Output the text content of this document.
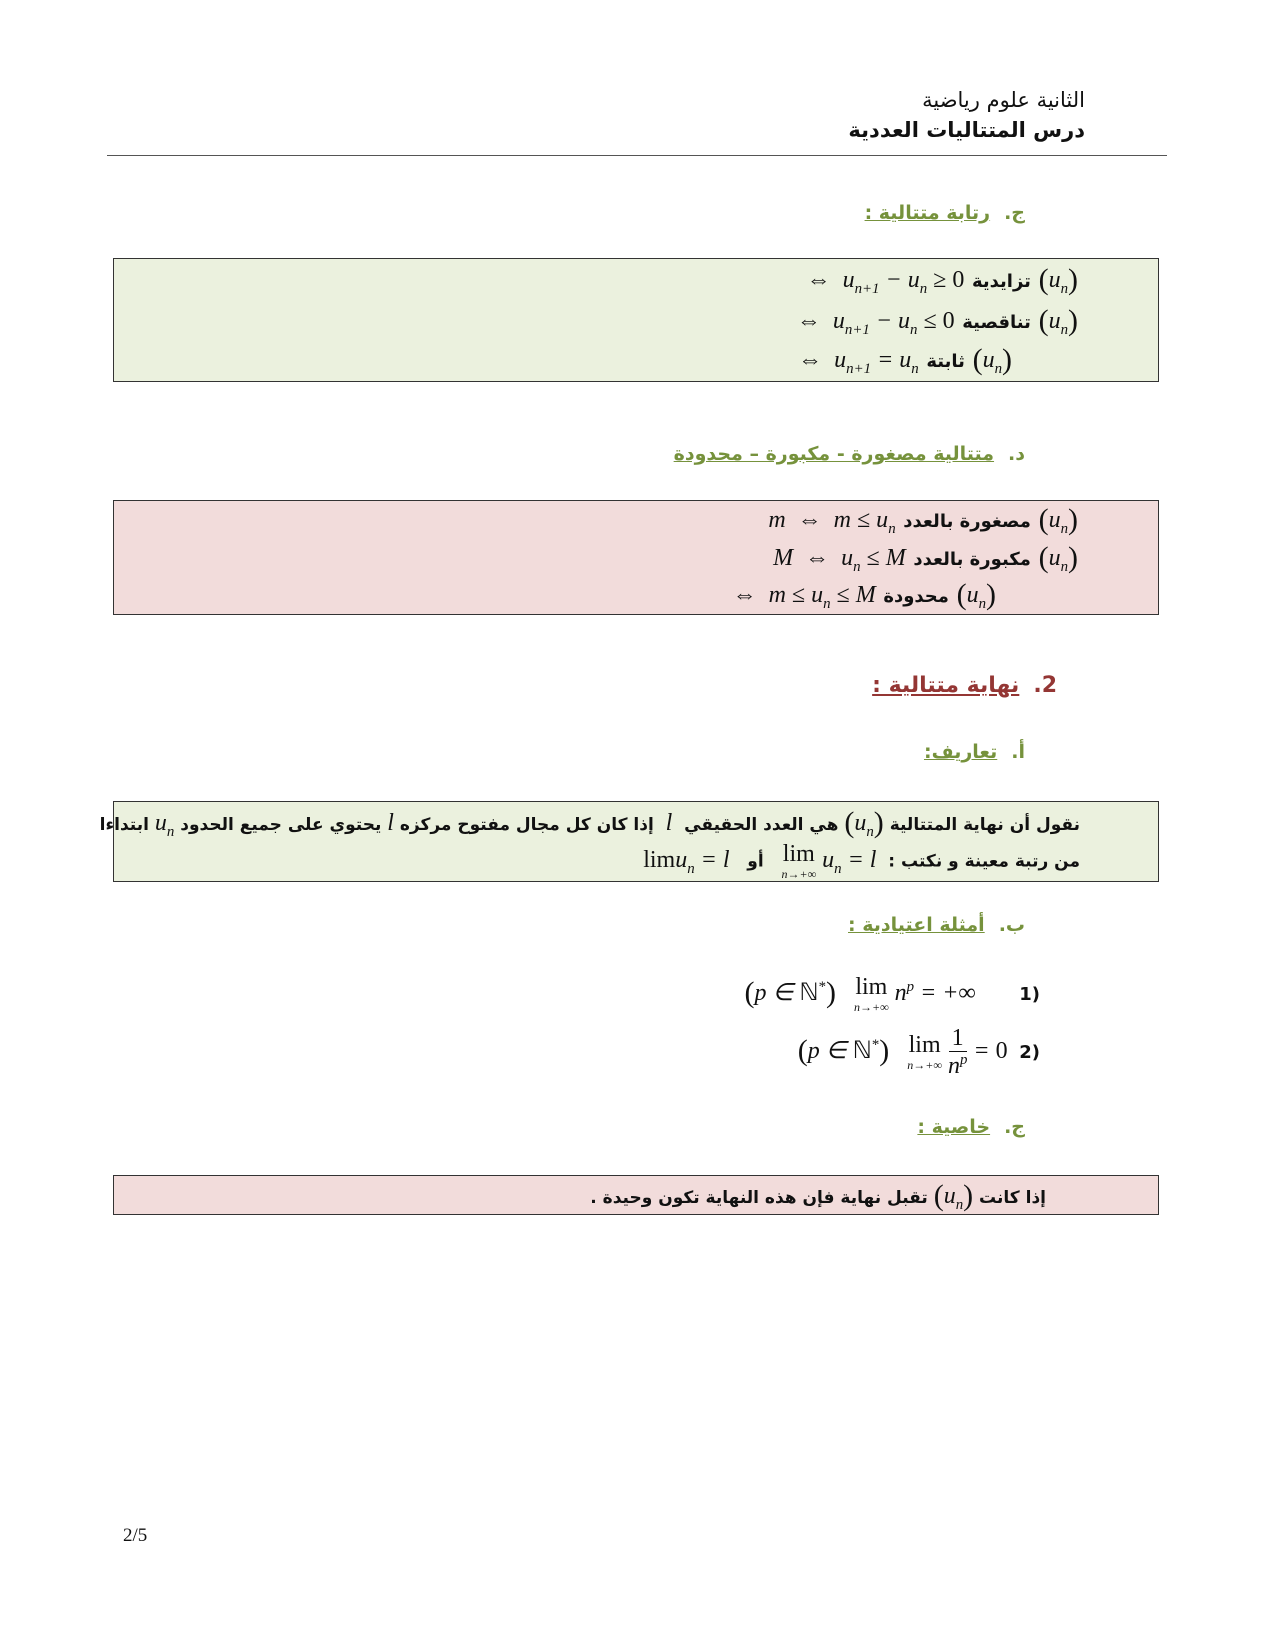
الثانية علوم رياضية
درس المتتاليات العددية
ج.رتابة متتالية :
$(u_n)$ تزايدية ⇔  $u_{n+1} - u_n \ge 0$
$(u_n)$ تناقصية ⇔  $u_{n+1} - u_n \le 0$
$(u_n)$ ثابتة ⇔  $u_{n+1} = u_n$
د.متتالية مصغورة - مكبورة – محدودة
$(u_n)$ مصغورة بالعدد m  ⇔  $m \le u_n$
$(u_n)$ مكبورة بالعدد M  ⇔  $u_n \le M$
$(u_n)$ محدودة ⇔  $m \le u_n \le M$
2.نهاية متتالية :
أ.تعاريف:
نقول أن نهاية المتتالية $(u_n)$ هي العدد الحقيقي  l  إذا كان كل مجال مفتوح مركزه l يحتوي على جميع الحدود $u_n$ ابتداءا
من رتبة معينة و نكتب :
lim
n→+∞
$u_n = l$   أو   limu$_n$ = l
ب.أمثلة اعتيادية :
(1 (p ∈ ℕ*) lim
n→+∞
$n^p$ = +∞
(2 (p ∈ ℕ*) lim
n→+∞
$\frac{1}{n^p} = 0$
ج.خاصية :
إذا كانت $(u_n)$ تقبل نهاية فإن هذه النهاية تكون وحيدة .
2/5
